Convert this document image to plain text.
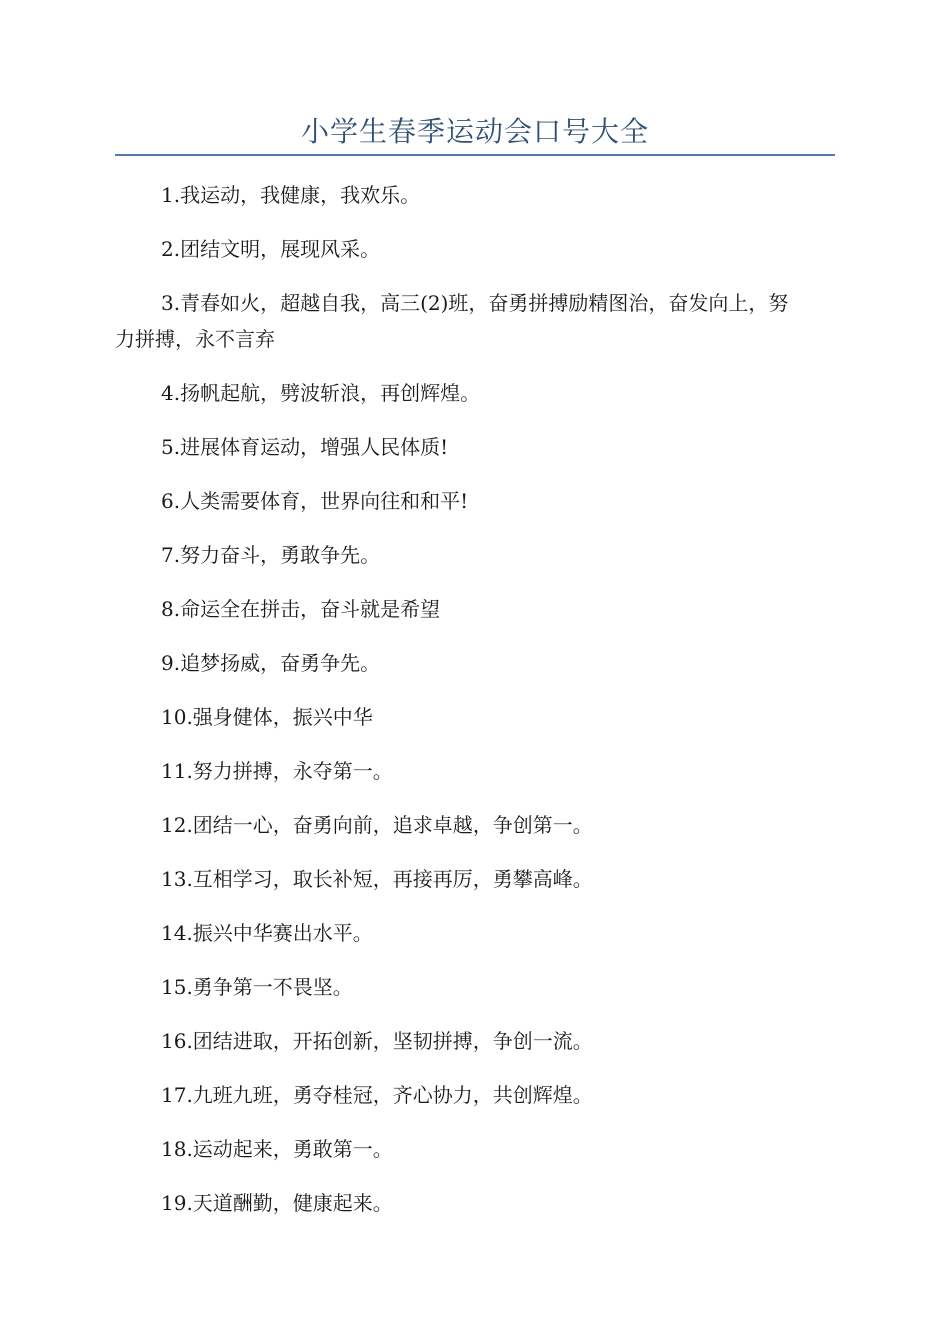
小学生春季运动会口号大全

1.我运动，我健康，我欢乐。

2.团结文明，展现风采。

3.青春如火，超越自我，高三(2)班，奋勇拼搏励精图治，奋发向上，努力拼搏，永不言弃

4.扬帆起航，劈波斩浪，再创辉煌。

5.进展体育运动，增强人民体质!

6.人类需要体育，世界向往和和平!

7.努力奋斗，勇敢争先。

8.命运全在拼击，奋斗就是希望

9.追梦扬威，奋勇争先。

10.强身健体，振兴中华

11.努力拼搏，永夺第一。

12.团结一心，奋勇向前，追求卓越，争创第一。

13.互相学习，取长补短，再接再厉，勇攀高峰。

14.振兴中华赛出水平。

15.勇争第一不畏坚。

16.团结进取，开拓创新，坚韧拼搏，争创一流。

17.九班九班，勇夺桂冠，齐心协力，共创辉煌。

18.运动起来，勇敢第一。

19.天道酬勤，健康起来。
